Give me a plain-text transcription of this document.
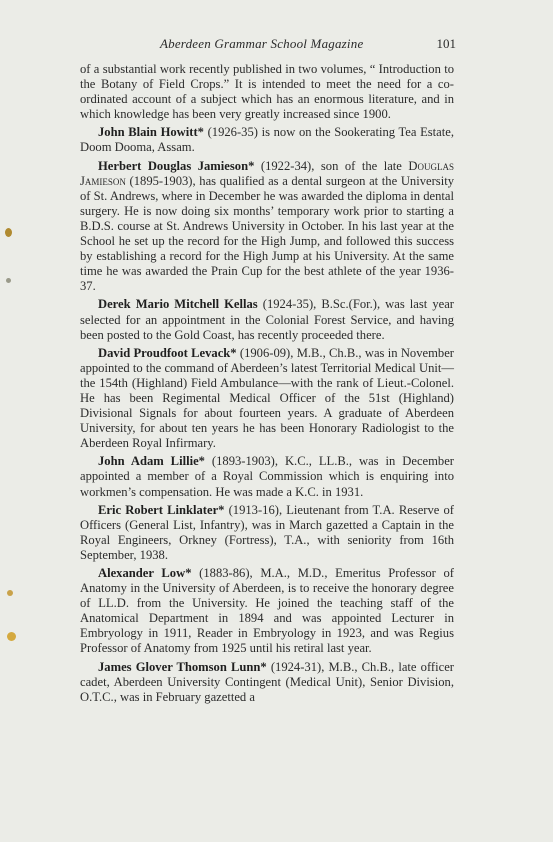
Aberdeen Grammar School Magazine	101

of a substantial work recently published in two volumes, “ Introduction to the Botany of Field Crops.” It is intended to meet the need for a co-ordinated account of a subject which has an enormous literature, and in which knowledge has been very greatly increased since 1900.

John Blain Howitt* (1926-35) is now on the Sookerating Tea Estate, Doom Dooma, Assam.

Herbert Douglas Jamieson* (1922-34), son of the late Douglas Jamieson (1895-1903), has qualified as a dental surgeon at the University of St. Andrews, where in December he was awarded the diploma in dental surgery. He is now doing six months’ temporary work prior to starting a B.D.S. course at St. Andrews University in October. In his last year at the School he set up the record for the High Jump, and followed this success by establishing a record for the High Jump at his University. At the same time he was awarded the Prain Cup for the best athlete of the year 1936-37.

Derek Mario Mitchell Kellas (1924-35), B.Sc.(For.), was last year selected for an appointment in the Colonial Forest Service, and having been posted to the Gold Coast, has recently proceeded there.

David Proudfoot Levack* (1906-09), M.B., Ch.B., was in November appointed to the command of Aberdeen’s latest Territorial Medical Unit—the 154th (Highland) Field Ambulance—with the rank of Lieut.-Colonel. He has been Regimental Medical Officer of the 51st (Highland) Divisional Signals for about fourteen years. A graduate of Aberdeen University, for about ten years he has been Honorary Radiologist to the Aberdeen Royal Infirmary.

John Adam Lillie* (1893-1903), K.C., LL.B., was in December appointed a member of a Royal Commission which is enquiring into workmen’s compensation. He was made a K.C. in 1931.

Eric Robert Linklater* (1913-16), Lieutenant from T.A. Reserve of Officers (General List, Infantry), was in March gazetted a Captain in the Royal Engineers, Orkney (Fortress), T.A., with seniority from 16th September, 1938.

Alexander Low* (1883-86), M.A., M.D., Emeritus Professor of Anatomy in the University of Aberdeen, is to receive the honorary degree of LL.D. from the University. He joined the teaching staff of the Anatomical Department in 1894 and was appointed Lecturer in Embryology in 1911, Reader in Embryology in 1923, and was Regius Professor of Anatomy from 1925 until his retiral last year.

James Glover Thomson Lunn* (1924-31), M.B., Ch.B., late officer cadet, Aberdeen University Contingent (Medical Unit), Senior Division, O.T.C., was in February gazetted a
